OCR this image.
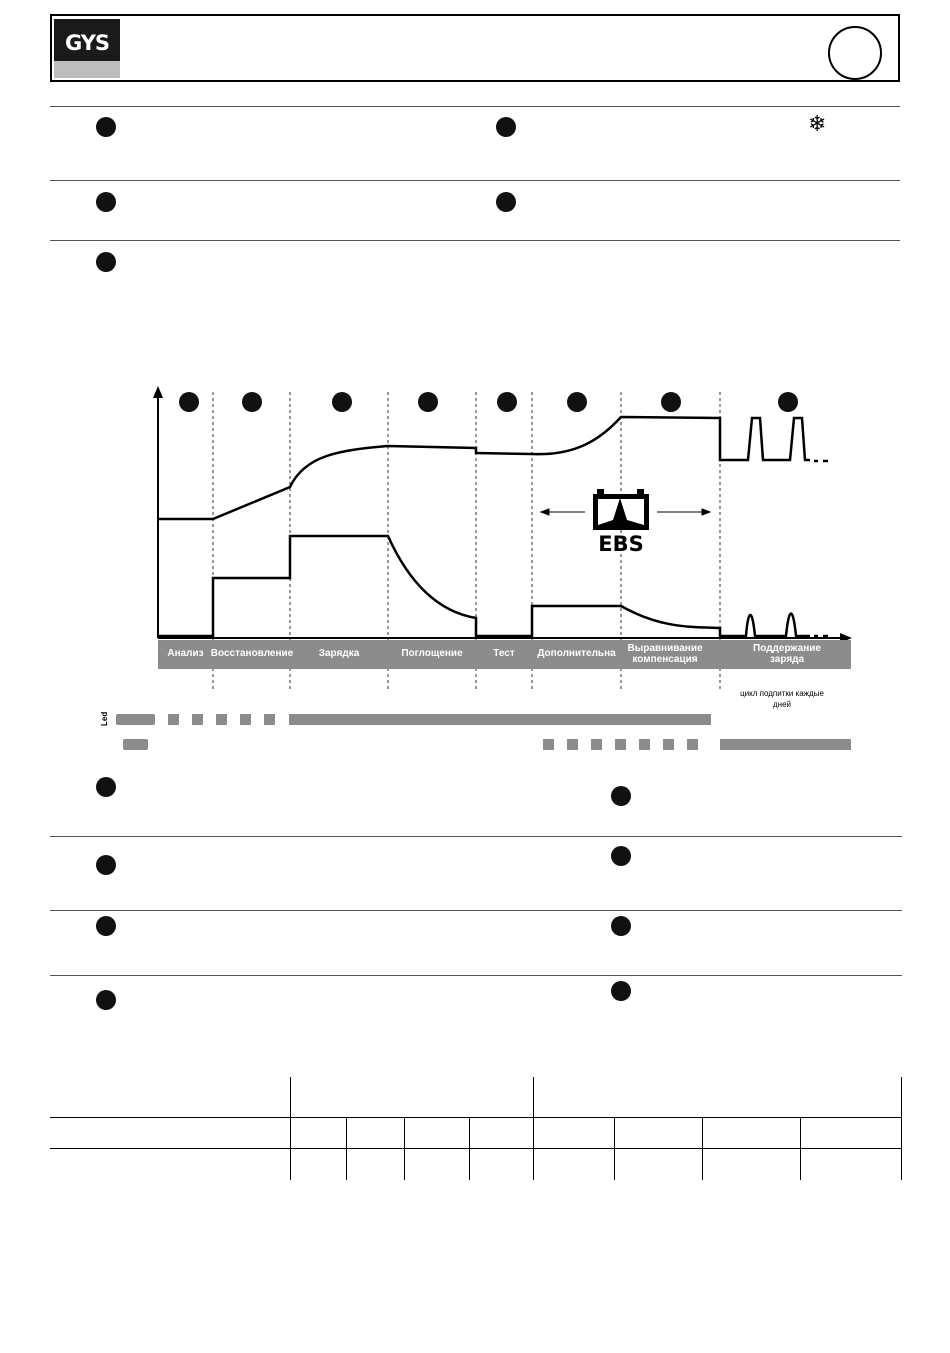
GYS
❄
EBS
Анализ Восстановление	Зарядка	Поглощение	Тест	Дополнительна	Выравнивание компенсация
Поддержание заряда
цикл подпитки каждые дней
Led
